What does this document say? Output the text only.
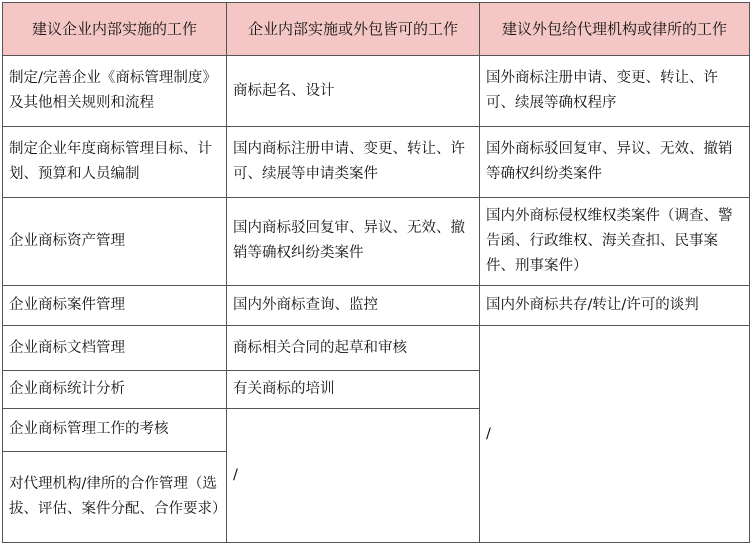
建议企业内部实施的工作	企业内部实施或外包皆可的工作	建议外包给代理机构或律所的工作
制定/完善企业《商标管理制度》及其他相关规则和流程	商标起名、设计	国外商标注册申请、变更、转让、许可、续展等确权程序
制定企业年度商标管理目标、计划、预算和人员编制	国内商标注册申请、变更、转让、许可、续展等申请类案件	国外商标驳回复审、异议、无效、撤销等确权纠纷类案件
企业商标资产管理	国内商标驳回复审、异议、无效、撤销等确权纠纷类案件	国内外商标侵权维权类案件（调查、警告函、行政维权、海关查扣、民事案件、刑事案件）
企业商标案件管理	国内外商标查询、监控	国内外商标共存/转让/许可的谈判
企业商标文档管理	商标相关合同的起草和审核	/
企业商标统计分析	有关商标的培训	
企业商标管理工作的考核	/	
对代理机构/律所的合作管理（选拔、评估、案件分配、合作要求）		
